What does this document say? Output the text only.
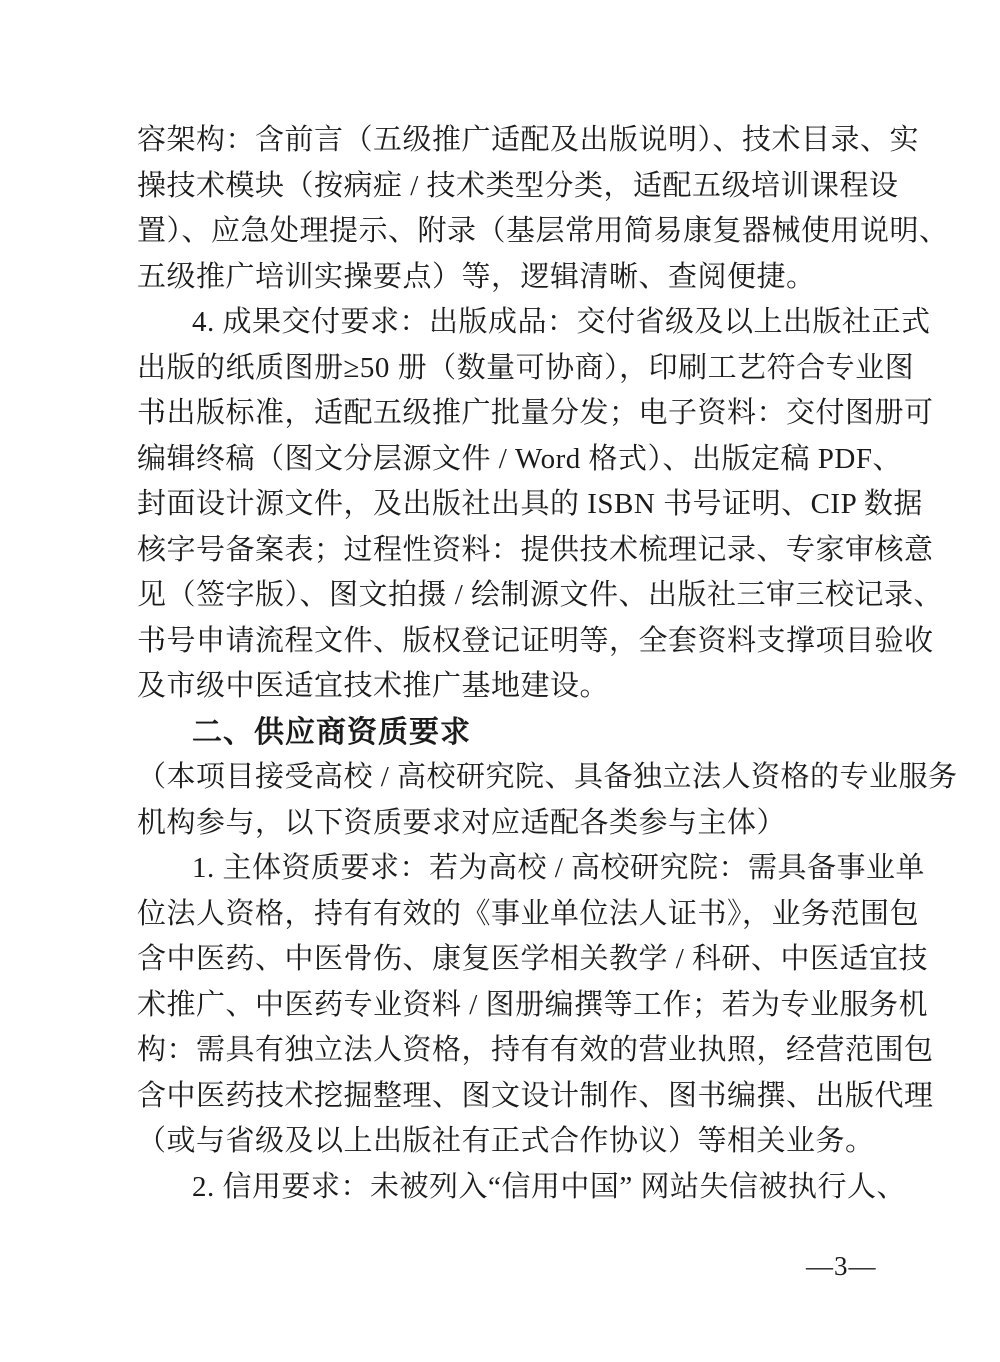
容架构：含前言（五级推广适配及出版说明）、技术目录、实
操技术模块（按病症 / 技术类型分类，适配五级培训课程设
置）、应急处理提示、附录（基层常用简易康复器械使用说明、
五级推广培训实操要点）等，逻辑清晰、查阅便捷。
4. 成果交付要求：出版成品：交付省级及以上出版社正式
出版的纸质图册≥50 册（数量可协商），印刷工艺符合专业图
书出版标准，适配五级推广批量分发；电子资料：交付图册可
编辑终稿（图文分层源文件 / Word 格式）、出版定稿 PDF、
封面设计源文件，及出版社出具的 ISBN 书号证明、CIP 数据
核字号备案表；过程性资料：提供技术梳理记录、专家审核意
见（签字版）、图文拍摄 / 绘制源文件、出版社三审三校记录、
书号申请流程文件、版权登记证明等，全套资料支撑项目验收
及市级中医适宜技术推广基地建设。
二、供应商资质要求
（本项目接受高校 / 高校研究院、具备独立法人资格的专业服务
机构参与，以下资质要求对应适配各类参与主体）
1. 主体资质要求：若为高校 / 高校研究院：需具备事业单
位法人资格，持有有效的《事业单位法人证书》，业务范围包
含中医药、中医骨伤、康复医学相关教学 / 科研、中医适宜技
术推广、中医药专业资料 / 图册编撰等工作；若为专业服务机
构：需具有独立法人资格，持有有效的营业执照，经营范围包
含中医药技术挖掘整理、图文设计制作、图书编撰、出版代理
（或与省级及以上出版社有正式合作协议）等相关业务。
2. 信用要求：未被列入“信用中国” 网站失信被执行人、
—3—
